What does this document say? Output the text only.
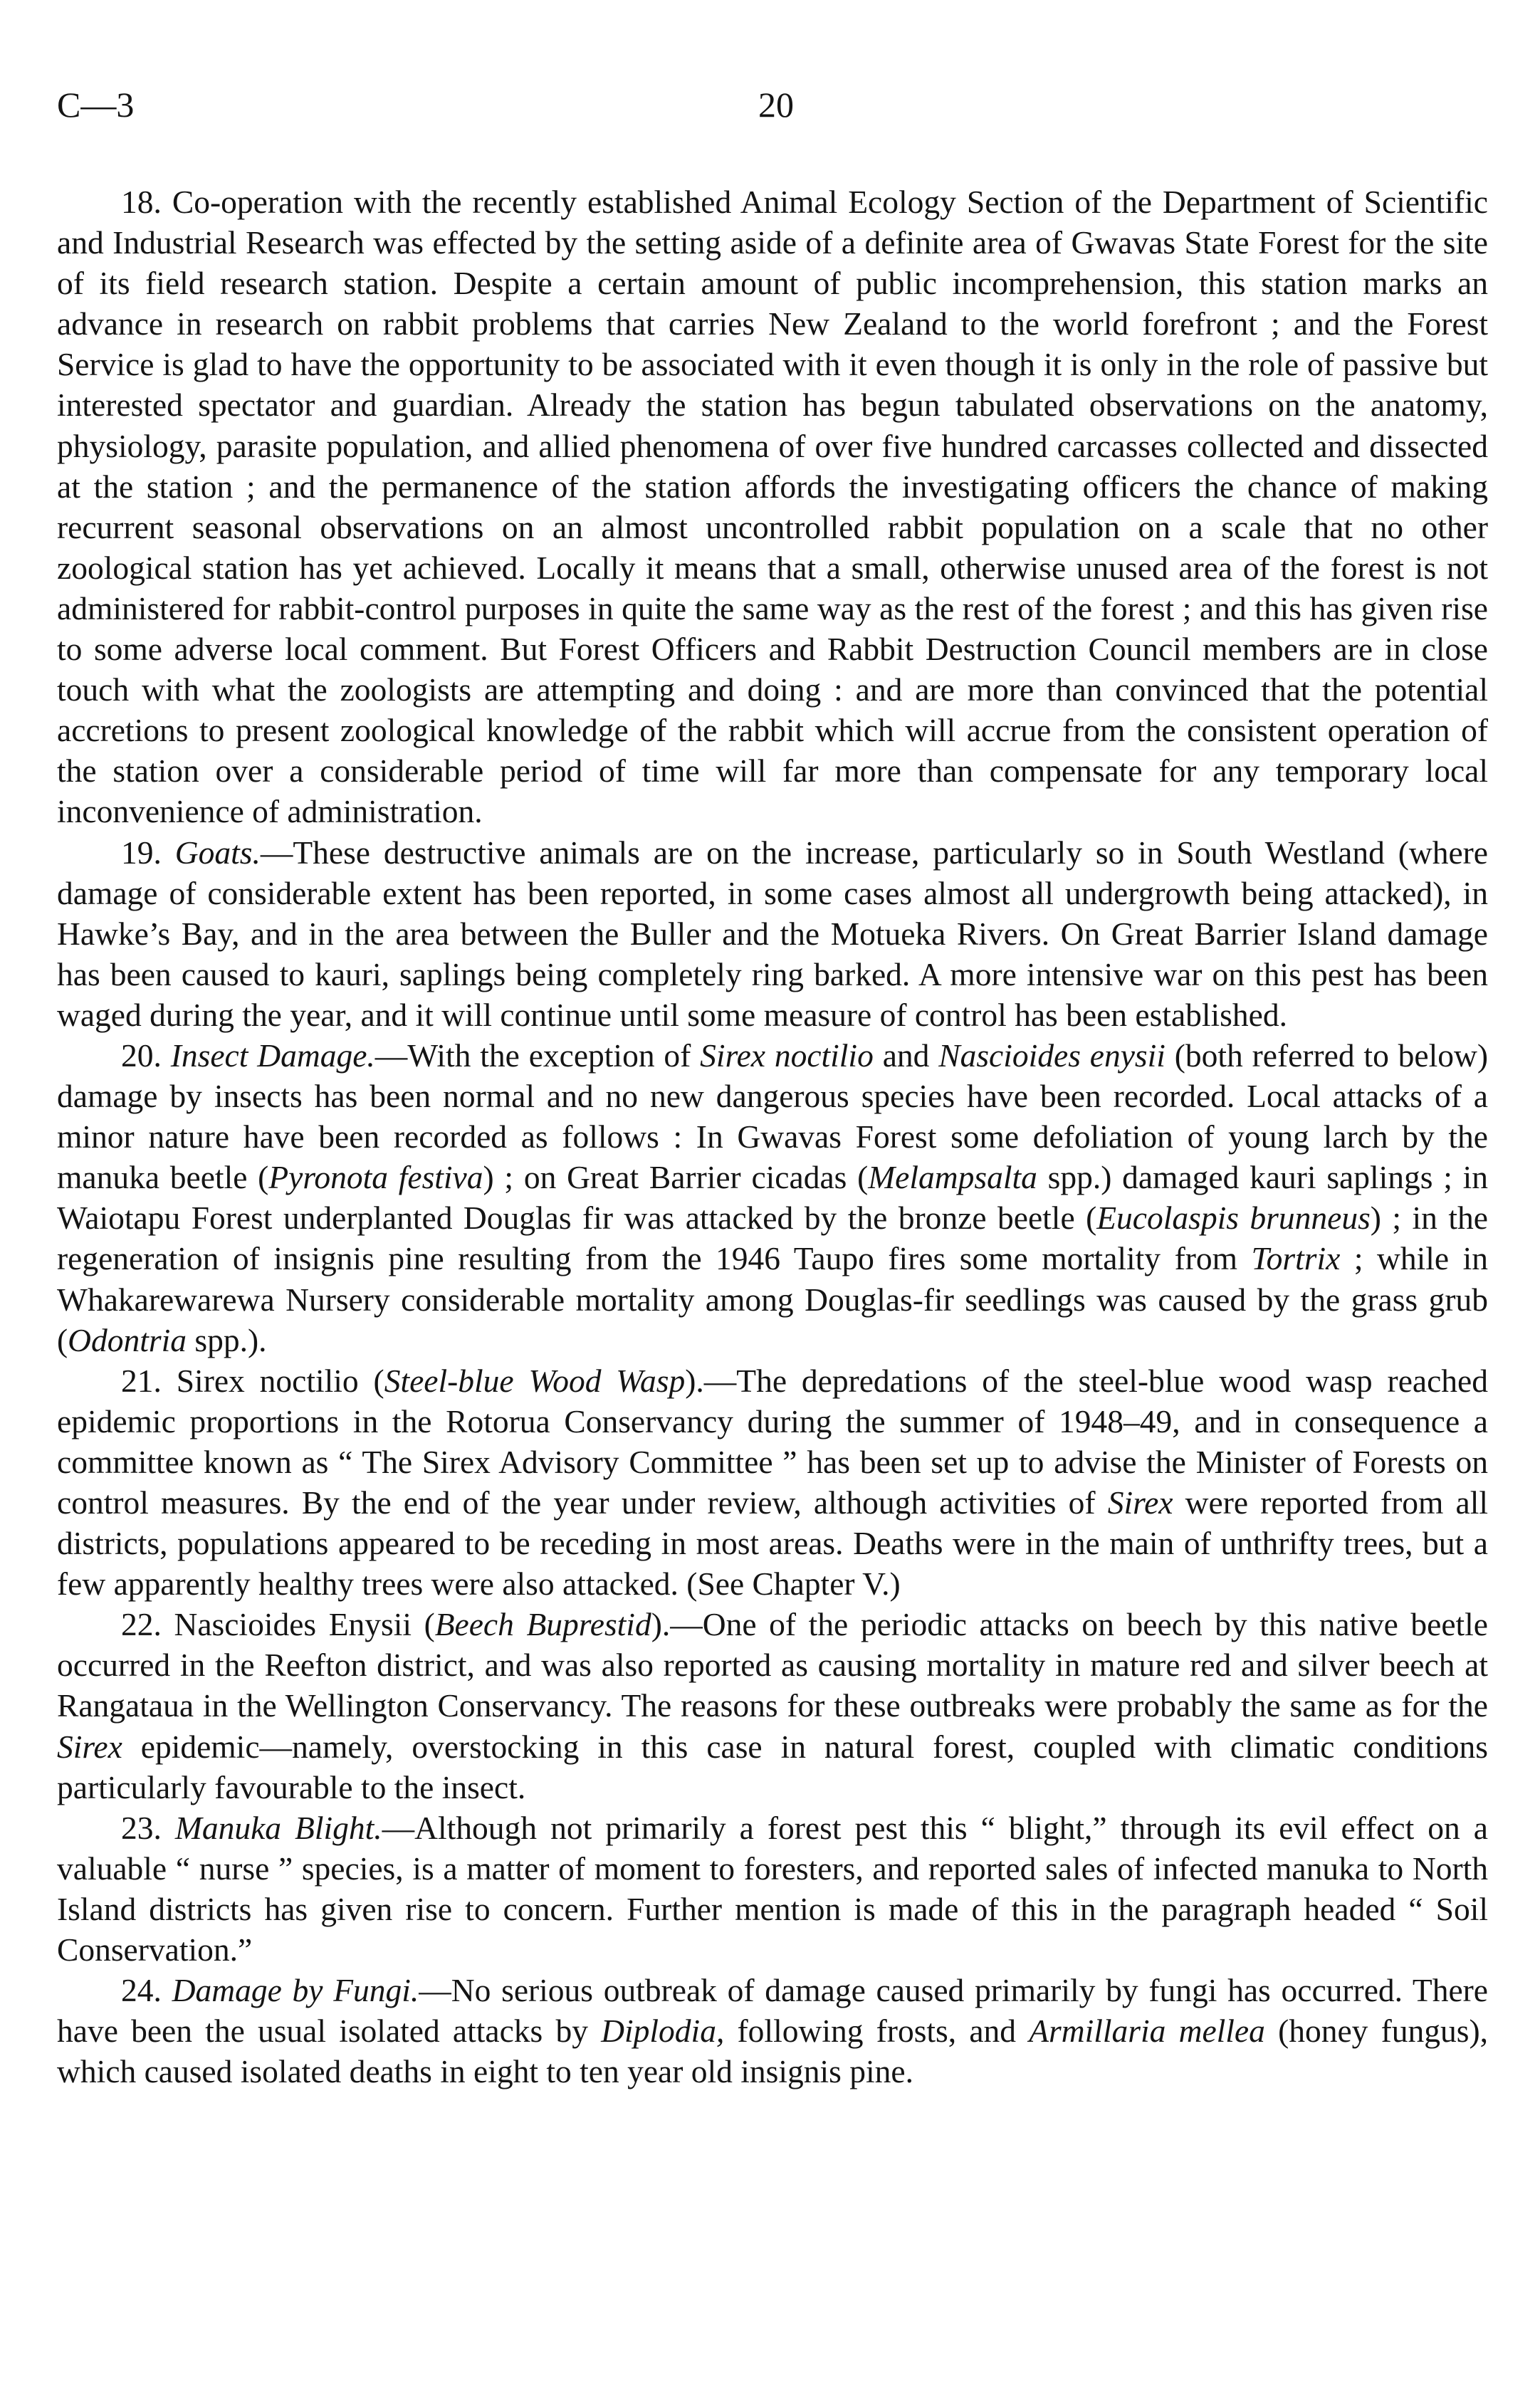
C—3	20

18. Co-operation with the recently established Animal Ecology Section of the Department of Scientific and Industrial Research was effected by the setting aside of a definite area of Gwavas State Forest for the site of its field research station. Despite a certain amount of public incomprehension, this station marks an advance in research on rabbit problems that carries New Zealand to the world forefront ; and the Forest Service is glad to have the opportunity to be associated with it even though it is only in the role of passive but interested spectator and guardian. Already the station has begun tabulated observations on the anatomy, physiology, parasite population, and allied phenomena of over five hundred carcasses collected and dissected at the station ; and the permanence of the station affords the investigating officers the chance of making recurrent seasonal observations on an almost uncontrolled rabbit population on a scale that no other zoological station has yet achieved. Locally it means that a small, otherwise unused area of the forest is not administered for rabbit-control purposes in quite the same way as the rest of the forest ; and this has given rise to some adverse local comment. But Forest Officers and Rabbit Destruction Council members are in close touch with what the zoologists are attempting and doing : and are more than convinced that the potential accretions to present zoological knowledge of the rabbit which will accrue from the consistent operation of the station over a considerable period of time will far more than compensate for any temporary local inconvenience of administration.

19. Goats.—These destructive animals are on the increase, particularly so in South Westland (where damage of considerable extent has been reported, in some cases almost all undergrowth being attacked), in Hawke’s Bay, and in the area between the Buller and the Motueka Rivers. On Great Barrier Island damage has been caused to kauri, saplings being completely ring barked. A more intensive war on this pest has been waged during the year, and it will continue until some measure of control has been established.

20. Insect Damage.—With the exception of Sirex noctilio and Nascioides enysii (both referred to below) damage by insects has been normal and no new dangerous species have been recorded. Local attacks of a minor nature have been recorded as follows : In Gwavas Forest some defoliation of young larch by the manuka beetle (Pyronota festiva) ; on Great Barrier cicadas (Melampsalta spp.) damaged kauri saplings ; in Waiotapu Forest underplanted Douglas fir was attacked by the bronze beetle (Eucolaspis brunneus) ; in the regeneration of insignis pine resulting from the 1946 Taupo fires some mortality from Tortrix ; while in Whakarewarewa Nursery considerable mortality among Douglas-fir seedlings was caused by the grass grub (Odontria spp.).

21. Sirex noctilio (Steel-blue Wood Wasp).—The depredations of the steel-blue wood wasp reached epidemic proportions in the Rotorua Conservancy during the summer of 1948–49, and in consequence a committee known as “ The Sirex Advisory Committee ” has been set up to advise the Minister of Forests on control measures. By the end of the year under review, although activities of Sirex were reported from all districts, populations appeared to be receding in most areas. Deaths were in the main of unthrifty trees, but a few apparently healthy trees were also attacked. (See Chapter V.)

22. Nascioides Enysii (Beech Buprestid).—One of the periodic attacks on beech by this native beetle occurred in the Reefton district, and was also reported as causing mortality in mature red and silver beech at Rangataua in the Wellington Conservancy. The reasons for these outbreaks were probably the same as for the Sirex epidemic—namely, overstocking in this case in natural forest, coupled with climatic conditions particularly favourable to the insect.

23. Manuka Blight.—Although not primarily a forest pest this “ blight,” through its evil effect on a valuable “ nurse ” species, is a matter of moment to foresters, and reported sales of infected manuka to North Island districts has given rise to concern. Further mention is made of this in the paragraph headed “ Soil Conservation.”

24. Damage by Fungi.—No serious outbreak of damage caused primarily by fungi has occurred. There have been the usual isolated attacks by Diplodia, following frosts, and Armillaria mellea (honey fungus), which caused isolated deaths in eight to ten year old insignis pine.
